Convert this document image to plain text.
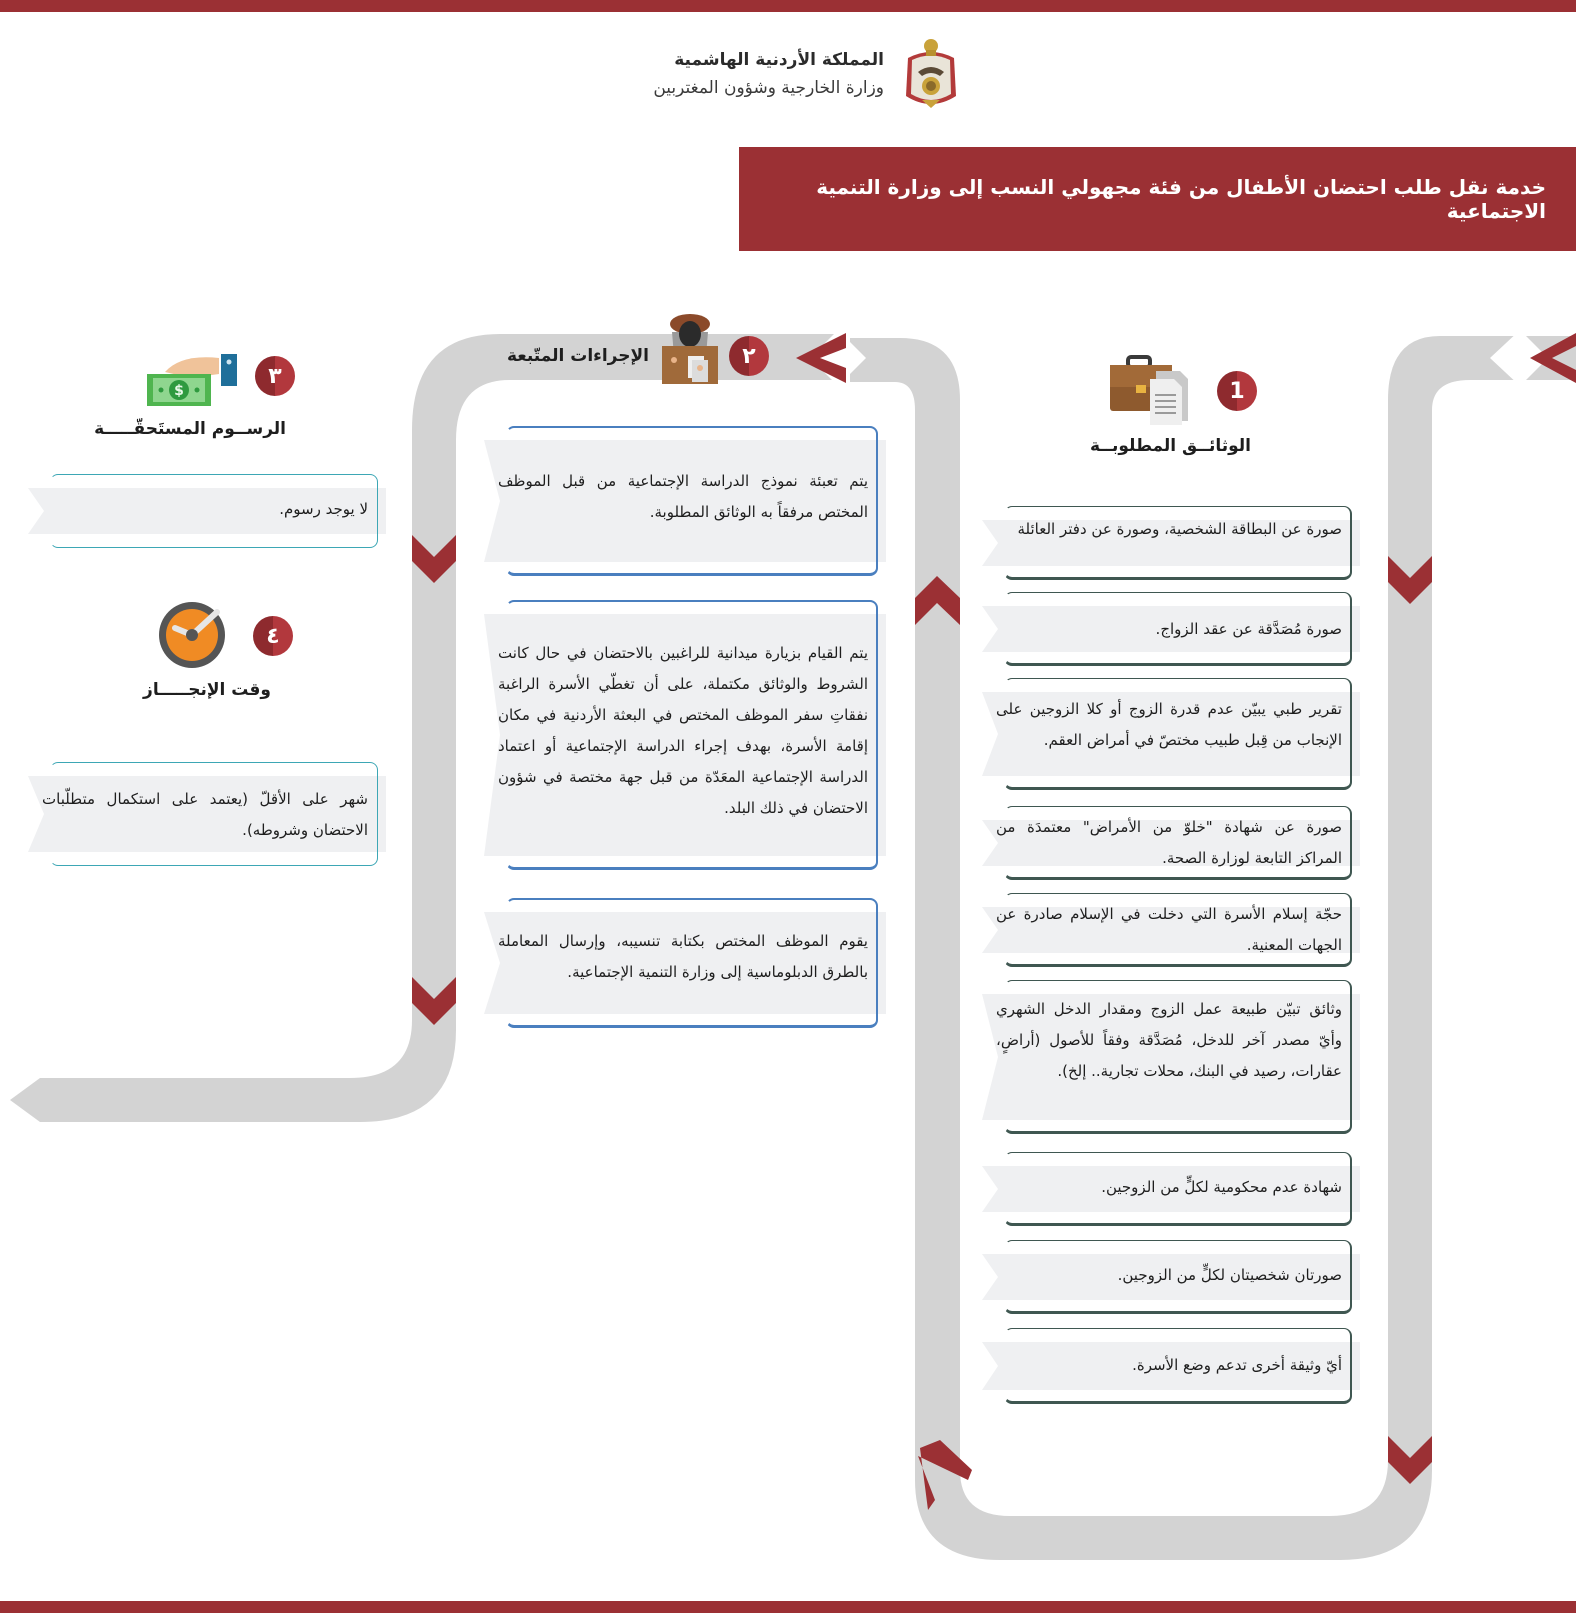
المملكة الأردنية الهاشمية
وزارة الخارجية وشؤون المغتربين
خدمة نقل طلب احتضان الأطفال من فئة مجهولي النسب إلى وزارة التنمية الاجتماعية
1
الوثائــق المطلوبــة
صورة عن البطاقة الشخصية، وصورة عن دفتر العائلة
صورة مُصَدَّقة عن عقد الزواج.
تقرير طبي يبيّن عدم قدرة الزوج أو كلا الزوجين على الإنجاب من قِبل طبيب مختصّ في أمراض العقم.
صورة عن شهادة "خلوّ من الأمراض" معتمدَة من المراكز التابعة لوزارة الصحة.
حجّة إسلام الأسرة التي دخلت في الإسلام صادرة عن الجهات المعنية.
وثائق تبيّن طبيعة عمل الزوج ومقدار الدخل الشهري وأيّ مصدر آخر للدخل، مُصَدَّقة وفقاً للأصول (أراضٍ، عقارات، رصيد في البنك، محلات تجارية.. إلخ).
شهادة عدم محكومية لكلٍّ من الزوجين.
صورتان شخصيتان لكلٍّ من الزوجين.
أيّ وثيقة أخرى تدعم وضع الأسرة.
٢
الإجراءات المتّبعة
يتم تعبئة نموذج الدراسة الإجتماعية من قبل الموظف المختص مرفقاً به الوثائق المطلوبة.
يتم القيام بزيارة ميدانية للراغبين بالاحتضان في حال كانت الشروط والوثائق مكتملة، على أن تغطّي الأسرة الراغبة نفقاتِ سفر الموظف المختص في البعثة الأردنية في مكان إقامة الأسرة، بهدف إجراء الدراسة الإجتماعية أو اعتماد الدراسة الإجتماعية المعَدّة من قبل جهة مختصة في شؤون الاحتضان في ذلك البلد.
يقوم الموظف المختص بكتابة تنسيبه، وإرسال المعاملة بالطرق الدبلوماسية إلى وزارة التنمية الإجتماعية.
٣
$
الرســوم المستَحقّـــــة
لا يوجد رسوم.
٤
وقت الإنجـــــاز
شهر على الأقلّ (يعتمد على استكمال متطلّبات الاحتضان وشروطه).
